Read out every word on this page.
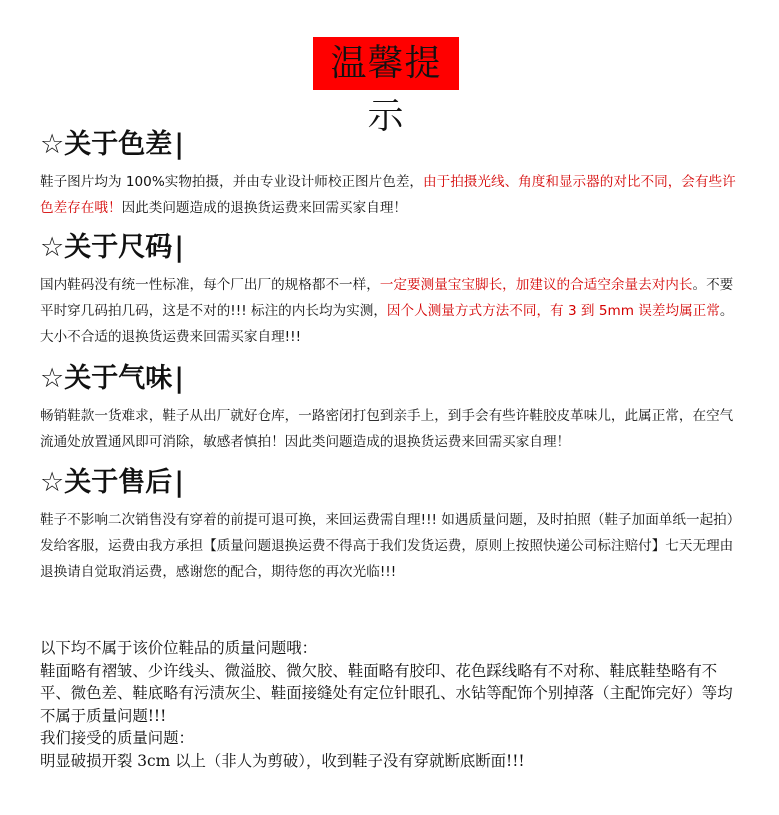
温馨提示
☆关于色差|
鞋子图片均为 100%实物拍摄，并由专业设计师校正图片色差，由于拍摄光线、角度和显示器的对比不同，会有些许色差存在哦！因此类问题造成的退换货运费来回需买家自理！
☆关于尺码|
国内鞋码没有统一性标准，每个厂出厂的规格都不一样，一定要测量宝宝脚长，加建议的合适空余量去对内长。不要平时穿几码拍几码，这是不对的!!! 标注的内长均为实测，因个人测量方式方法不同，有 3 到 5mm 误差均属正常。大小不合适的退换货运费来回需买家自理!!!
☆关于气味|
畅销鞋款一货难求，鞋子从出厂就好仓库，一路密闭打包到亲手上，到手会有些许鞋胶皮革味儿，此属正常，在空气流通处放置通风即可消除，敏感者慎拍！因此类问题造成的退换货运费来回需买家自理！
☆关于售后|
鞋子不影响二次销售没有穿着的前提可退可换，来回运费需自理!!! 如遇质量问题，及时拍照（鞋子加面单纸一起拍）发给客服，运费由我方承担【质量问题退换运费不得高于我们发货运费，原则上按照快递公司标注赔付】七天无理由退换请自觉取消运费，感谢您的配合，期待您的再次光临!!!
以下均不属于该价位鞋品的质量问题哦：
鞋面略有褶皱、少许线头、微溢胶、微欠胶、鞋面略有胶印、花色踩线略有不对称、鞋底鞋垫略有不平、微色差、鞋底略有污渍灰尘、鞋面接缝处有定位针眼孔、水钻等配饰个别掉落（主配饰完好）等均不属于质量问题!!!
我们接受的质量问题：
明显破损开裂 3cm 以上（非人为剪破），收到鞋子没有穿就断底断面!!!
